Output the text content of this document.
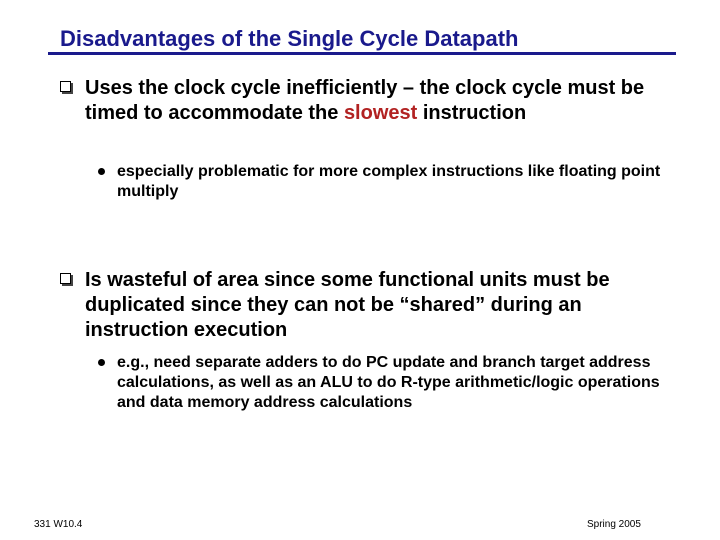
Disadvantages of the Single Cycle Datapath
Uses the clock cycle inefficiently – the clock cycle must be timed to accommodate the slowest instruction
especially problematic for more complex instructions like floating point multiply
Is wasteful of area since some functional units must be duplicated since they can not be “shared” during an instruction execution
e.g., need separate adders to do PC update and branch target address calculations, as well as an ALU to do R-type arithmetic/logic operations and data memory address calculations
331 W10.4	Spring 2005
